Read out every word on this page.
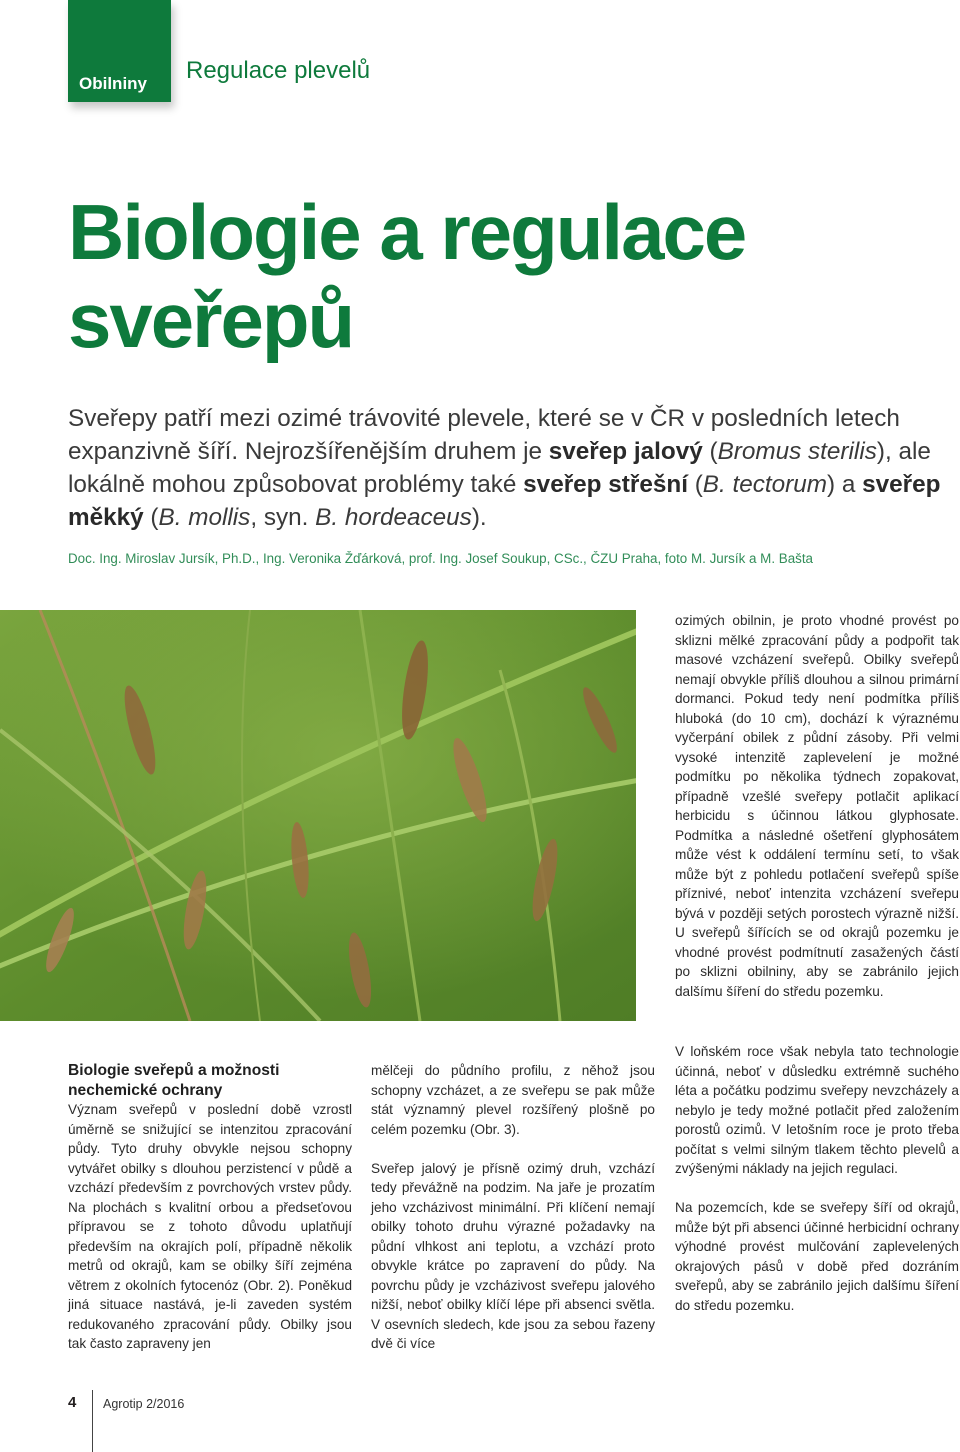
Obilniny Regulace plevelů
Biologie a regulace
sveřepů

Sveřepy patří mezi ozimé trávovité plevele, které se v ČR v posledních letech expanzivně šíří. Nejrozšířenějším druhem je sveřep jalový (Bromus sterilis), ale lokálně mohou způsobovat problémy také sveřep střešní (B. tectorum) a sveřep měkký (B. mollis, syn. B. hordeaceus).

Doc. Ing. Miroslav Jursík, Ph.D., Ing. Veronika Žďárková, prof. Ing. Josef Soukup, CSc., ČZU Praha, foto M. Jursík a M. Bašta

ozimých obilnin, je proto vhodné provést po sklizni mělké zpracování půdy a podpořit tak masové vzcházení sveřepů. Obilky sveřepů nemají obvykle příliš dlouhou a silnou primární dormanci. Pokud tedy není podmítka příliš hluboká (do 10 cm), dochází k výraznému vyčerpání obilek z půdní zásoby. Při velmi vysoké intenzitě zaplevelení je možné podmítku po několika týdnech zopakovat, případně vzešlé sveřepy potlačit aplikací herbicidu s účinnou látkou glyphosate. Podmítka a následné ošetření glyphosátem může vést k oddálení termínu setí, to však může být z pohledu potlačení sveřepů spíše příznivé, neboť intenzita vzcházení sveřepu bývá v později setých porostech výrazně nižší. U sveřepů šířících se od okrajů pozemku je vhodné provést podmítnutí zasažených částí po sklizni obilniny, aby se zabránilo jejich dalšímu šíření do středu pozemku.

Biologie sveřepů a možnosti nechemické ochrany

Význam sveřepů v poslední době vzrostl úměrně se snižující se intenzitou zpracování půdy. Tyto druhy obvykle nejsou schopny vytvářet obilky s dlouhou perzistencí v půdě a vzchází především z povrchových vrstev půdy. Na plochách s kvalitní orbou a předseťovou přípravou se z tohoto důvodu uplatňují především na okrajích polí, případně několik metrů od okrajů, kam se obilky šíří zejména větrem z okolních fytocenóz (Obr. 2). Poněkud jiná situace nastává, je-li zaveden systém redukovaného zpracování půdy. Obilky jsou tak často zapraveny jen

mělčeji do půdního profilu, z něhož jsou schopny vzcházet, a ze sveřepu se pak může stát významný plevel rozšířený plošně po celém pozemku (Obr. 3).

Sveřep jalový je přísně ozimý druh, vzchází tedy převážně na podzim. Na jaře je prozatím jeho vzcházivost minimální. Při klíčení nemají obilky tohoto druhu výrazné požadavky na půdní vlhkost ani teplotu, a vzchází proto obvykle krátce po zapravení do půdy. Na povrchu půdy je vzcházivost sveřepu jalového nižší, neboť obilky klíčí lépe při absenci světla. V osevních sledech, kde jsou za sebou řazeny dvě či více

V loňském roce však nebyla tato technologie účinná, neboť v důsledku extrémně suchého léta a počátku podzimu sveřepy nevzcházely a nebylo je tedy možné potlačit před založením porostů ozimů. V letošním roce je proto třeba počítat s velmi silným tlakem těchto plevelů a zvýšenými náklady na jejich regulaci.

Na pozemcích, kde se sveřepy šíří od okrajů, může být při absenci účinné herbicidní ochrany výhodné provést mulčování zaplevelených okrajových pásů v době před dozráním sveřepů, aby se zabránilo jejich dalšímu šíření do středu pozemku.

4 Agrotip 2/2016
